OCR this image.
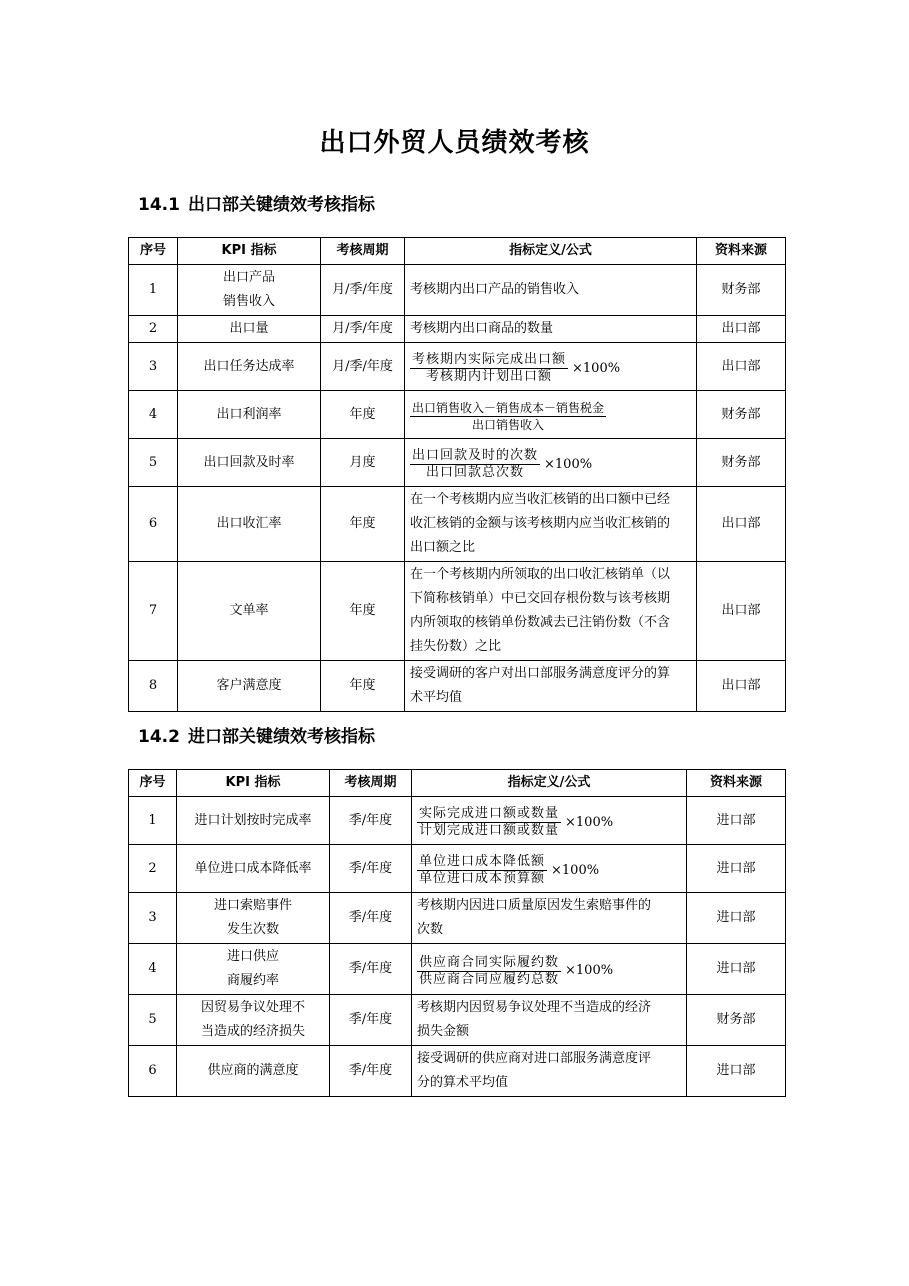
出口外贸人员绩效考核
14.1 出口部关键绩效考核指标
序号	KPI 指标	考核周期	指标定义/公式	资料来源
1	出口产品
销售收入	月/季/年度	考核期内出口产品的销售收入	财务部
2	出口量	月/季/年度	考核期内出口商品的数量	出口部
3	出口任务达成率	月/季/年度	$\frac{\text{考核期内实际完成出口额}}{\text{考核期内计划出口额}} \times 100\%$	出口部
4	出口利润率	年度	$\frac{\text{出口销售收入－销售成本－销售税金}}{\text{出口销售收入}}$	财务部
5	出口回款及时率	月度	$\frac{\text{出口回款及时的次数}}{\text{出口回款总次数}} \times 100\%$	财务部
6	出口收汇率	年度	在一个考核期内应当收汇核销的出口额中已经
收汇核销的金额与该考核期内应当收汇核销的
出口额之比	出口部
7	文单率	年度	在一个考核期内所领取的出口收汇核销单（以
下简称核销单）中已交回存根份数与该考核期
内所领取的核销单份数减去已注销份数（不含
挂失份数）之比	出口部
8	客户满意度	年度	接受调研的客户对出口部服务满意度评分的算
术平均值	出口部
14.2 进口部关键绩效考核指标
序号	KPI 指标	考核周期	指标定义/公式	资料来源
1	进口计划按时完成率	季/年度	$\frac{\text{实际完成进口额或数量}}{\text{计划完成进口额或数量}} \times 100\%$	进口部
2	单位进口成本降低率	季/年度	$\frac{\text{单位进口成本降低额}}{\text{单位进口成本预算额}} \times 100\%$	进口部
3	进口索赔事件
发生次数	季/年度	考核期内因进口质量原因发生索赔事件的
次数	进口部
4	进口供应
商履约率	季/年度	$\frac{\text{供应商合同实际履约数}}{\text{供应商合同应履约总数}} \times 100\%$	进口部
5	因贸易争议处理不
当造成的经济损失	季/年度	考核期内因贸易争议处理不当造成的经济
损失金额	财务部
6	供应商的满意度	季/年度	接受调研的供应商对进口部服务满意度评
分的算术平均值	进口部
